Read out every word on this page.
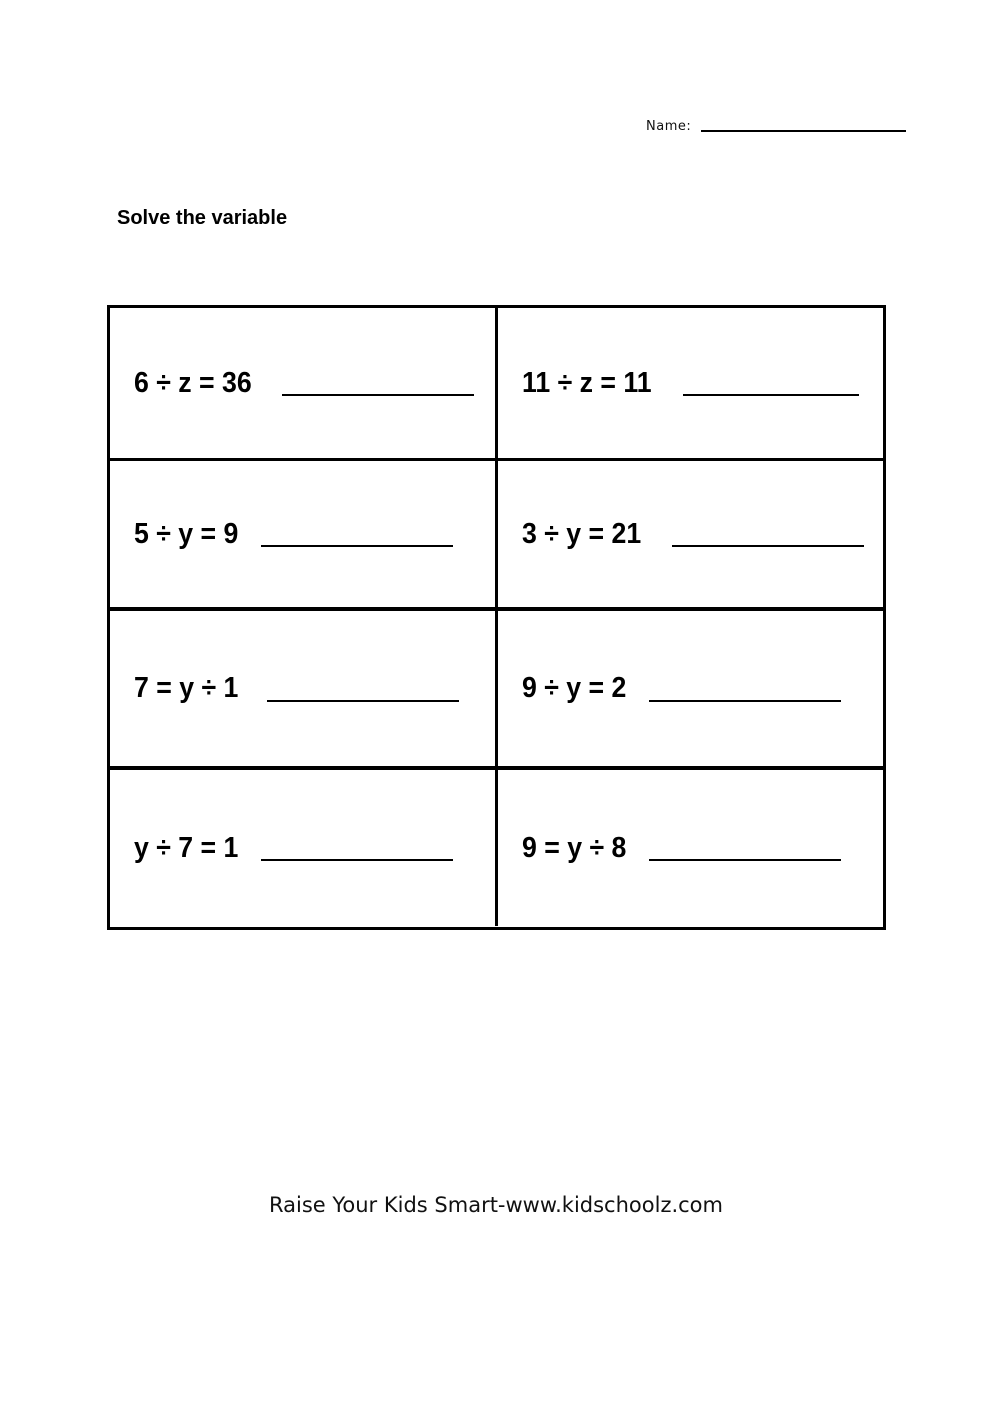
Name:
Solve the variable
6 ÷ z = 36	11 ÷ z = 11
5 ÷ y = 9	3 ÷ y = 21
7 = y ÷ 1	9 ÷ y = 2
y ÷ 7 = 1	9 = y ÷ 8
Raise Your Kids Smart-www.kidschoolz.com
